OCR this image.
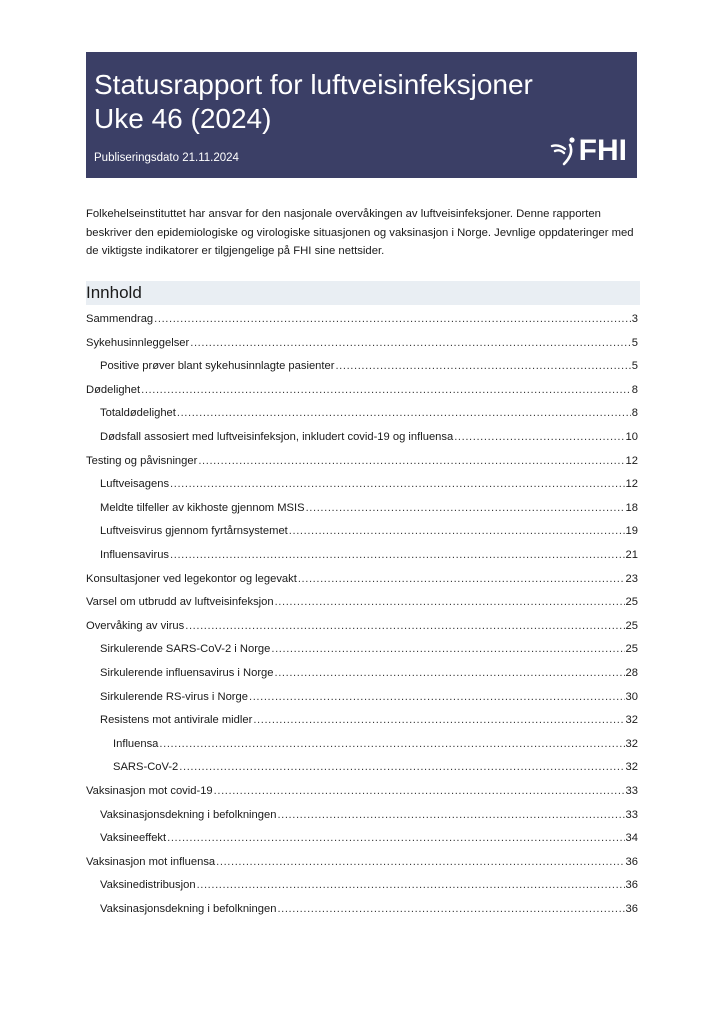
Statusrapport for luftveisinfeksjoner
Uke 46 (2024)
Publiseringsdato 21.11.2024	FHI

Folkehelseinstituttet har ansvar for den nasjonale overvåkingen av luftveisinfeksjoner. Denne rapporten beskriver den epidemiologiske og virologiske situasjonen og vaksinasjon i Norge. Jevnlige oppdateringer med de viktigste indikatorer er tilgjengelige på FHI sine nettsider.

Innhold
Sammendrag .....	3
Sykehusinnleggelser .....	5
Positive prøver blant sykehusinnlagte pasienter .....	5
Dødelighet .....	8
Totaldødelighet .....	8
Dødsfall assosiert med luftveisinfeksjon, inkludert covid-19 og influensa .....	10
Testing og påvisninger .....	12
Luftveisagens .....	12
Meldte tilfeller av kikhoste gjennom MSIS .....	18
Luftveisvirus gjennom fyrtårnsystemet .....	19
Influensavirus .....	21
Konsultasjoner ved legekontor og legevakt .....	23
Varsel om utbrudd av luftveisinfeksjon .....	25
Overvåking av virus .....	25
Sirkulerende SARS-CoV-2 i Norge .....	25
Sirkulerende influensavirus i Norge .....	28
Sirkulerende RS-virus i Norge .....	30
Resistens mot antivirale midler .....	32
Influensa .....	32
SARS-CoV-2 .....	32
Vaksinasjon mot covid-19 .....	33
Vaksinasjonsdekning i befolkningen .....	33
Vaksineeffekt .....	34
Vaksinasjon mot influensa .....	36
Vaksinedistribusjon .....	36
Vaksinasjonsdekning i befolkningen .....	36
